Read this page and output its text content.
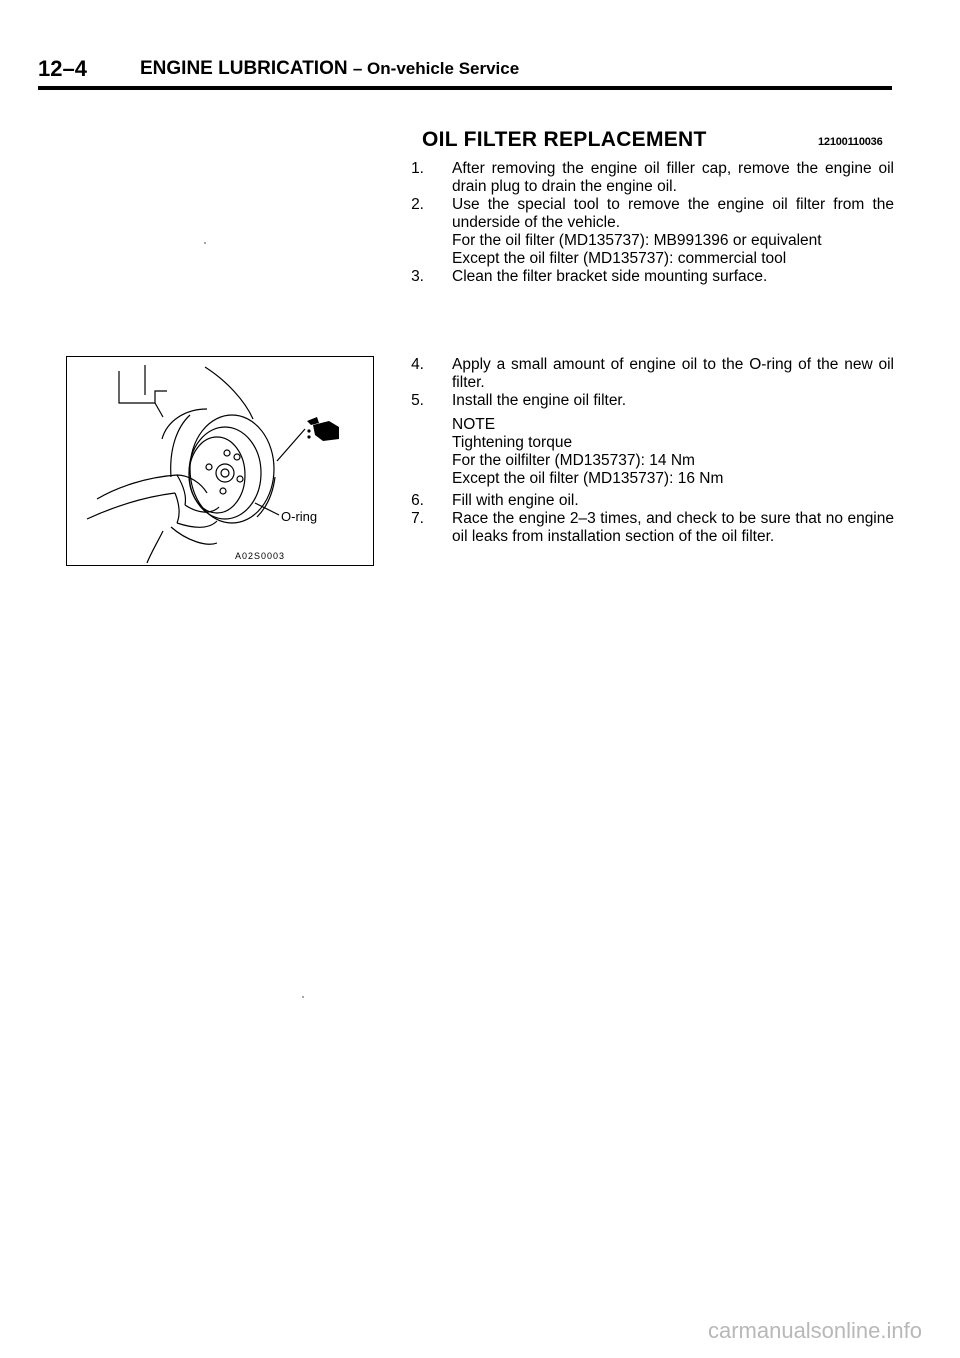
12–4	ENGINE LUBRICATION – On-vehicle Service
OIL FILTER REPLACEMENT	12100110036
1. After removing the engine oil filler cap, remove the engine oil drain plug to drain the engine oil.
2. Use the special tool to remove the engine oil filter from the underside of the vehicle.
For the oil filter (MD135737): MB991396 or equivalent
Except the oil filter (MD135737): commercial tool
3. Clean the filter bracket side mounting surface.
O-ring
A02S0003
4. Apply a small amount of engine oil to the O-ring of the new oil filter.
5. Install the engine oil filter.
NOTE
Tightening torque
For the oilfilter (MD135737): 14 Nm
Except the oil filter (MD135737): 16 Nm
6. Fill with engine oil.
7. Race the engine 2–3 times, and check to be sure that no engine oil leaks from installation section of the oil filter.
carmanualsonline.info
